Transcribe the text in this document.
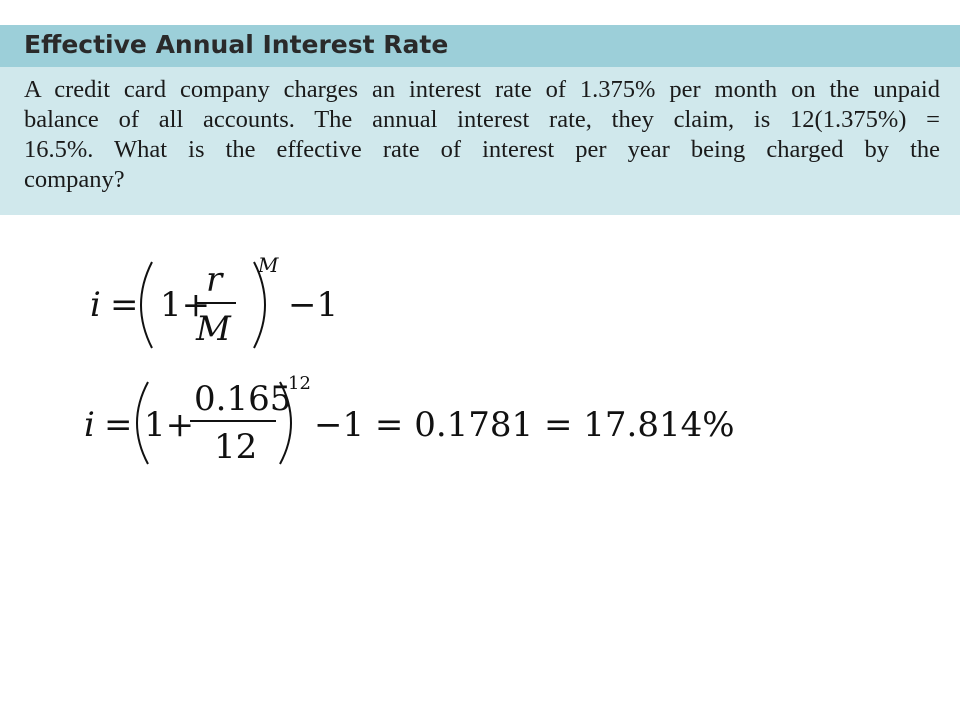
Effective Annual Interest Rate
A credit card company charges an interest rate of 1.375% per month on the unpaid
balance of all accounts. The annual interest rate, they claim, is 12(1.375%) =
16.5%. What is the effective rate of interest per year being charged by the
company?
i = 1+
r
M
M
−1
i = 1+
0.165
12
12
−1 = 0.1781 = 17.814%
